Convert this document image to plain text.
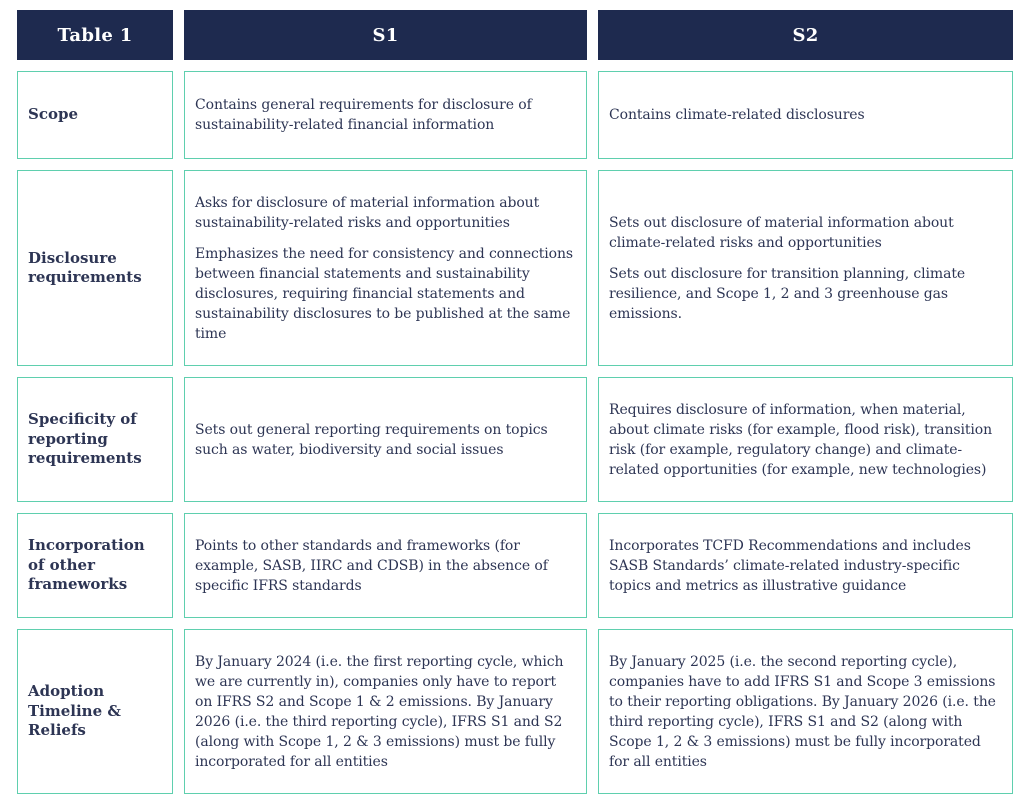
Table 1	S1	S2
Scope

Contains general requirements for disclosure of sustainability-related financial information

Contains climate-related disclosures

Disclosure requirements

Asks for disclosure of material information about sustainability-related risks and opportunities

Emphasizes the need for consistency and connections between financial statements and sustainability disclosures, requiring financial statements and sustainability disclosures to be published at the same time

Sets out disclosure of material information about climate-related risks and opportunities

Sets out disclosure for transition planning, climate resilience, and Scope 1, 2 and 3 greenhouse gas emissions.

Specificity of reporting requirements

Sets out general reporting requirements on topics such as water, biodiversity and social issues

Requires disclosure of information, when material, about climate risks (for example, flood risk), transition risk (for example, regulatory change) and climate-related opportunities (for example, new technologies)

Incorporation of other frameworks

Points to other standards and frameworks (for example, SASB, IIRC and CDSB) in the absence of specific IFRS standards

Incorporates TCFD Recommendations and includes SASB Standards’ climate-related industry-specific topics and metrics as illustrative guidance

Adoption Timeline & Reliefs

By January 2024 (i.e. the first reporting cycle, which we are currently in), companies only have to report on IFRS S2 and Scope 1 & 2 emissions. By January 2026 (i.e. the third reporting cycle), IFRS S1 and S2 (along with Scope 1, 2 & 3 emissions) must be fully incorporated for all entities

By January 2025 (i.e. the second reporting cycle), companies have to add IFRS S1 and Scope 3 emissions to their reporting obligations. By January 2026 (i.e. the third reporting cycle), IFRS S1 and S2 (along with Scope 1, 2 & 3 emissions) must be fully incorporated for all entities
